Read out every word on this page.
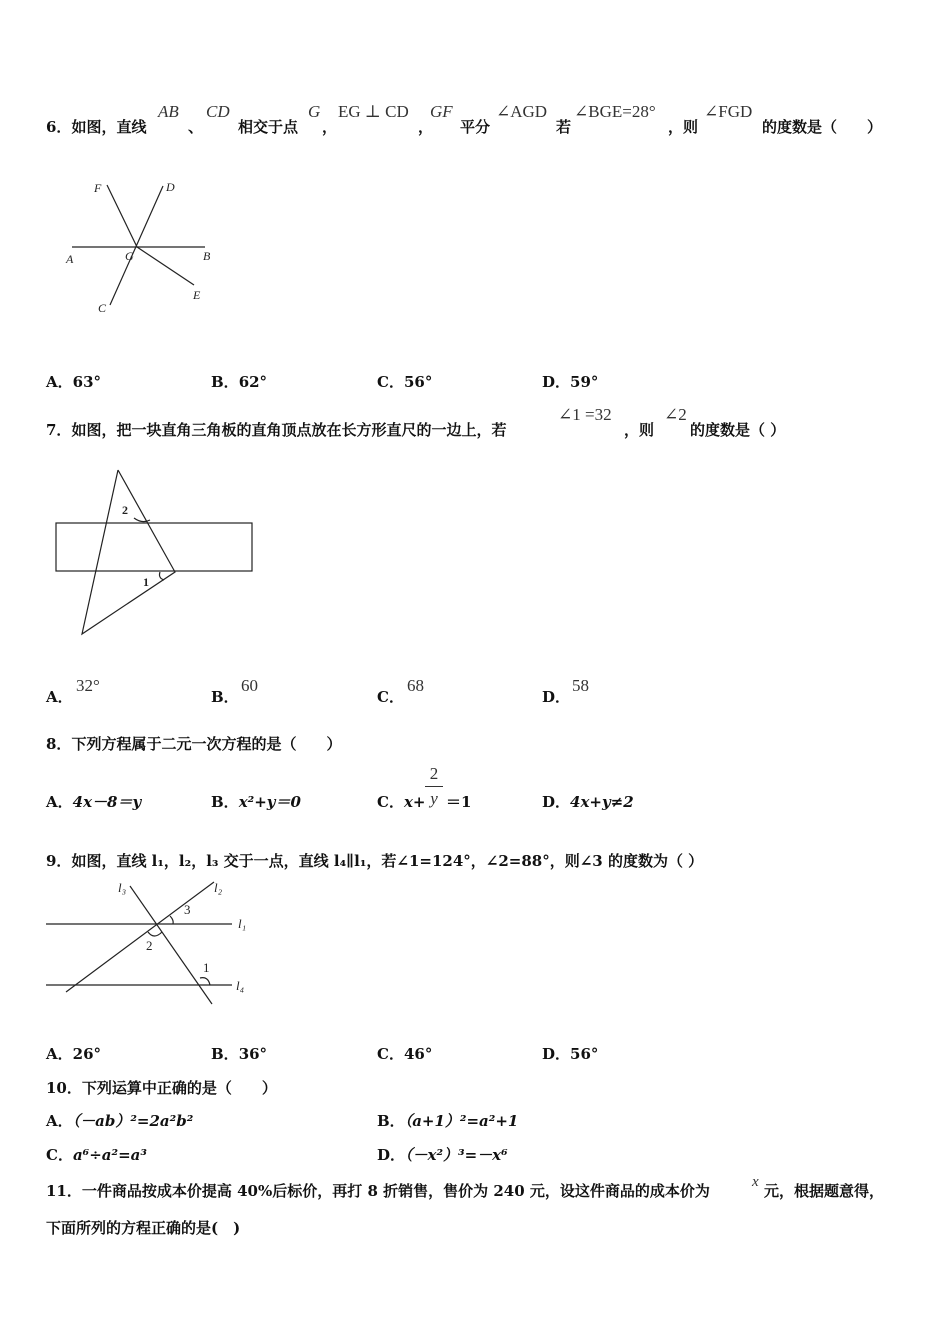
6．如图，直线
AB
、
CD
相交于点
G
，
EG ⊥ CD
，
GF
平分
∠AGD
若
∠BGE=28°
，则
∠FGD
的度数是（　　）
F	D
A	G	B
C
E
A．63°	B．62°	C．56°	D．59°
7．如图，把一块直角三角板的直角顶点放在长方形直尺的一边上，若
∠1 =32
，则
∠2
的度数是（ ）
2
1
A．
32°
B．
60
C．
68
D．
58
8．下列方程属于二元一次方程的是（　　）
A．4x－8＝y	B．x²+y＝0	C．x+
2
y ＝1	D．4x+y≠2
9．如图，直线 l₁，l₂，l₃ 交于一点，直线 l₄∥l₁，若∠1=124°，∠2=88°，则∠3 的度数为（ ）
l₃	l₂
l₁
l₄
3
2
1
A．26°	B．36°	C．46°	D．56°
10．下列运算中正确的是（　　）
A．（－ab）²=2a²b²	B．（a+1）²=a²+1
C．a⁶÷a²=a³	D．（－x²）³=－x⁶
11．一件商品按成本价提高 40%后标价，再打 8 折销售，售价为 240 元，设这件商品的成本价为	x 元，根据题意得，
下面所列的方程正确的是(　)
